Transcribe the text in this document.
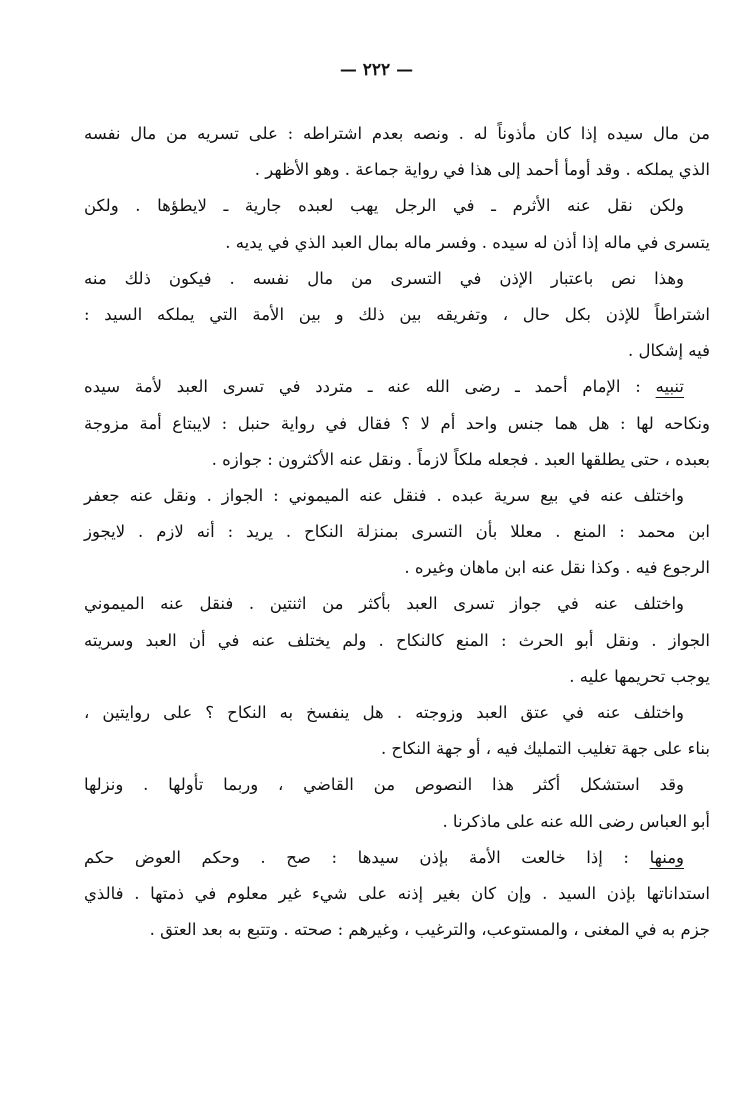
— ٢٢٢ —
من مال سيده إذا كان مأذوناً له . ونصه بعدم اشتراطه : على تسريه من مال نفسه
الذي يملكه . وقد أومأ أحمد إلى هذا في رواية جماعة . وهو الأظهر .
ولكن نقل عنه الأثرم ـ في الرجل يهب لعبده جارية ـ لايطؤها . ولكن
يتسرى في ماله إذا أذن له سيده . وفسر ماله بمال العبد الذي في يديه .
وهذا نص باعتبار الإذن في التسرى من مال نفسه . فيكون ذلك منه
اشتراطاً للإذن بكل حال ، وتفريقه بين ذلك و بين الأمة التي يملكه السيد :
فيه إشكال .
تنبيه : الإمام أحمد ـ رضى الله عنه ـ متردد في تسرى العبد لأمة سيده
ونكاحه لها : هل هما جنس واحد أم لا ؟ فقال في رواية حنبل : لايبتاع أمة مزوجة
بعبده ، حتى يطلقها العبد . فجعله ملكاً لازماً . ونقل عنه الأكثرون : جوازه .
واختلف عنه في بيع سرية عبده . فنقل عنه الميموني : الجواز . ونقل عنه جعفر
ابن محمد : المنع . معللا بأن التسرى بمنزلة النكاح . يريد : أنه لازم . لايجوز
الرجوع فيه . وكذا نقل عنه ابن ماهان وغيره .
واختلف عنه في جواز تسرى العبد بأكثر من اثنتين . فنقل عنه الميموني
الجواز . ونقل أبو الحرث : المنع كالنكاح . ولم يختلف عنه في أن العبد وسريته
يوجب تحريمها عليه .
واختلف عنه في عتق العبد وزوجته . هل ينفسخ به النكاح ؟ على روايتين ،
بناء على جهة تغليب التمليك فيه ، أو جهة النكاح .
وقد استشكل أكثر هذا النصوص من القاضي ، وربما تأولها . ونزلها
أبو العباس رضى الله عنه على ماذكرنا .
ومنها : إذا خالعت الأمة بإذن سيدها : صح . وحكم العوض حكم
استداناتها بإذن السيد . وإن كان بغير إذنه على شيء غير معلوم في ذمتها . فالذي
جزم به في المغنى ، والمستوعب، والترغيب ، وغيرهم : صحته . وتتبع به بعد العتق .
